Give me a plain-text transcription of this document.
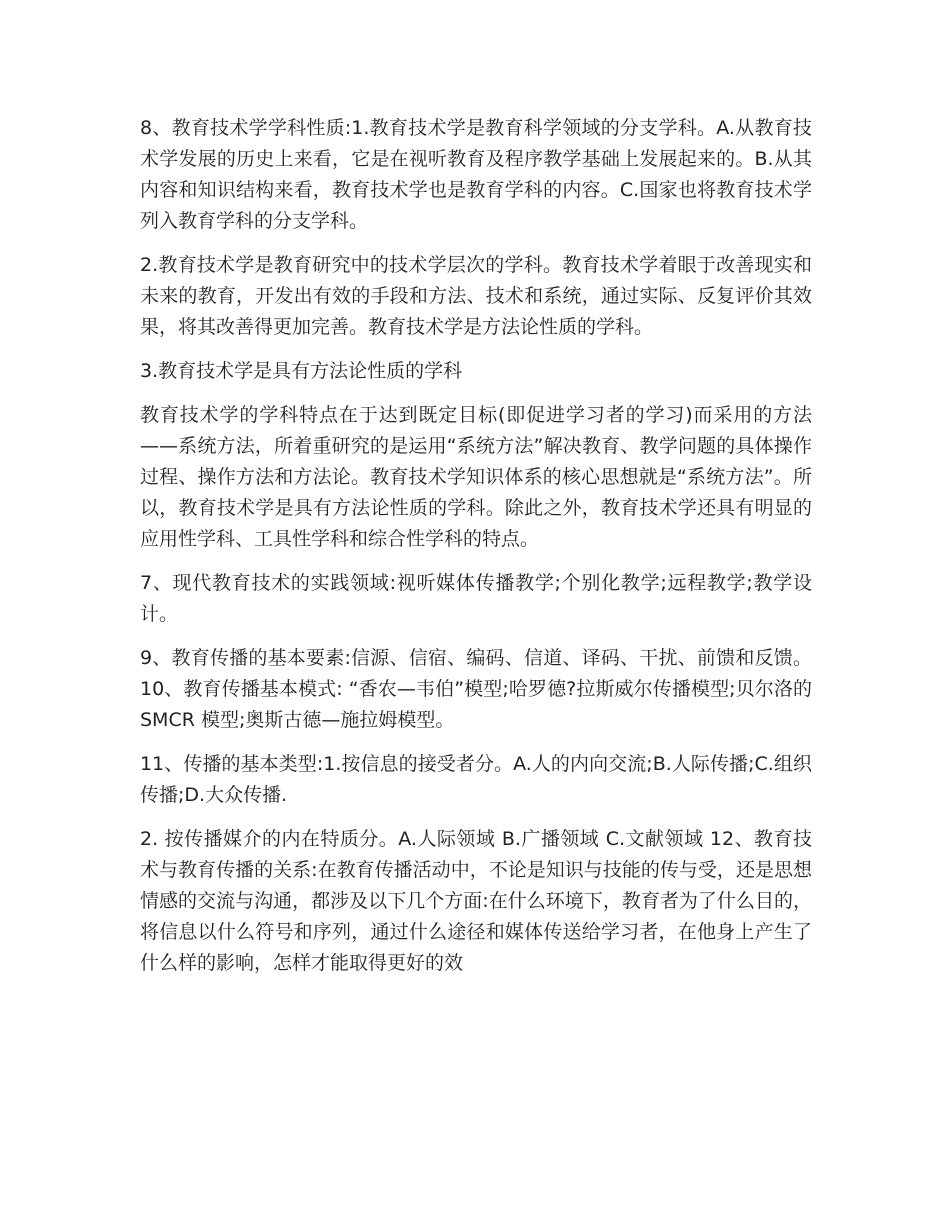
8、教育技术学学科性质:1.教育技术学是教育科学领域的分支学科。A.从教育技术学发展的历史上来看，它是在视听教育及程序教学基础上发展起来的。B.从其内容和知识结构来看，教育技术学也是教育学科的内容。C.国家也将教育技术学列入教育学科的分支学科。

2.教育技术学是教育研究中的技术学层次的学科。教育技术学着眼于改善现实和未来的教育，开发出有效的手段和方法、技术和系统，通过实际、反复评价其效果，将其改善得更加完善。教育技术学是方法论性质的学科。

3.教育技术学是具有方法论性质的学科

教育技术学的学科特点在于达到既定目标(即促进学习者的学习)而采用的方法——系统方法，所着重研究的是运用“系统方法”解决教育、教学问题的具体操作过程、操作方法和方法论。教育技术学知识体系的核心思想就是“系统方法”。所以，教育技术学是具有方法论性质的学科。除此之外，教育技术学还具有明显的应用性学科、工具性学科和综合性学科的特点。

7、现代教育技术的实践领域:视听媒体传播教学;个别化教学;远程教学;教学设计。

9、教育传播的基本要素:信源、信宿、编码、信道、译码、干扰、前馈和反馈。 10、教育传播基本模式: “香农—韦伯”模型;哈罗德?拉斯威尔传播模型;贝尔洛的 SMCR 模型;奥斯古德—施拉姆模型。

11、传播的基本类型:1.按信息的接受者分。A.人的内向交流;B.人际传播;C.组织传播;D.大众传播.

2. 按传播媒介的内在特质分。A.人际领域 B.广播领域 C.文献领域 12、教育技术与教育传播的关系:在教育传播活动中，不论是知识与技能的传与受，还是思想情感的交流与沟通，都涉及以下几个方面:在什么环境下，教育者为了什么目的，将信息以什么符号和序列，通过什么途径和媒体传送给学习者，在他身上产生了什么样的影响，怎样才能取得更好的效
